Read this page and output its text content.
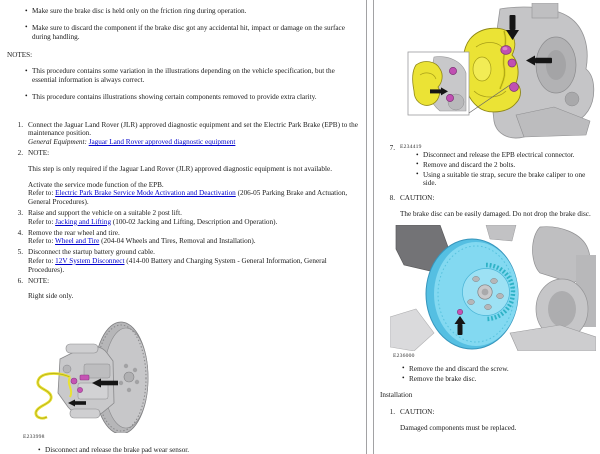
• Make sure the brake disc is held only on the friction ring during operation.
• Make sure to discard the component if the brake disc got any accidental hit, impact or damage on the surface during handling.
NOTES:
• This procedure contains some variation in the illustrations depending on the vehicle specification, but the essential information is always correct.
• This procedure contains illustrations showing certain components removed to provide extra clarity.
1. Connect the Jaguar Land Rover (JLR) approved diagnostic equipment and set the Electric Park Brake (EPB) to the maintenance position.
General Equipment: Jaguar Land Rover approved diagnostic equipment
2. NOTE:
This step is only required if the Jaguar Land Rover (JLR) approved diagnostic equipment is not available.
Activate the service mode function of the EPB.
Refer to: Electric Park Brake Service Mode Activation and Deactivation (206-05 Parking Brake and Actuation, General Procedures).
3. Raise and support the vehicle on a suitable 2 post lift.
Refer to: Jacking and Lifting (100-02 Jacking and Lifting, Description and Operation).
4. Remove the rear wheel and tire.
Refer to: Wheel and Tire (204-04 Wheels and Tires, Removal and Installation).
5. Disconnect the startup battery ground cable.
Refer to: 12V System Disconnect (414-00 Battery and Charging System - General Information, General Procedures).
6. NOTE:
Right side only.
E233998
• Disconnect and release the brake pad wear sensor.
7. E234419
• Disconnect and release the EPB electrical connector.
• Remove and discard the 2 bolts.
• Using a suitable tie strap, secure the brake caliper to one side.
8. CAUTION:
The brake disc can be easily damaged. Do not drop the brake disc.
E236000
• Remove the and discard the screw.
• Remove the brake disc.
Installation
1. CAUTION:
Damaged components must be replaced.
